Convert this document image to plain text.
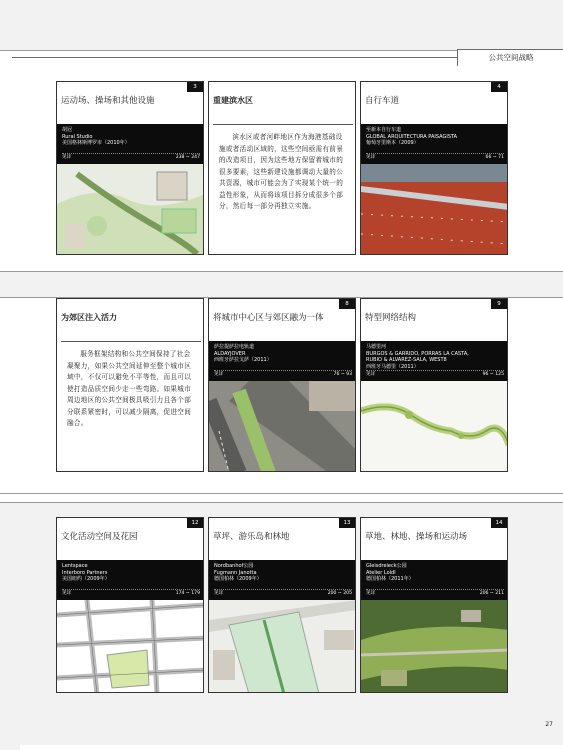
公共空间战略
3
运动场、操场和其他设施
胡冠
Rural Studio
美国格林斯博罗市（2010年）
见详	238 ~ 247
重建滨水区
滨水区或者河畔地区作为海港基础设施或者活动区域的，这些空间亟需有前景的改造项目，因为这些地方保留着城市的很多要素，这些新建设施都调动大量的公共资源，城市可能会为了实现某个统一的益性形象，从而将该项目拆分成很多个部分，然后每一部分再独立实施。
4
自行车道
至新本自行车道
GLOBAL ARQUITECTURA PAISAGISTA
葡萄牙里斯本（2009）
见详	66 ~ 71
为郊区注入活力
服务框架结构和公共空间保持了社会凝聚力，如果公共空间延伸至整个城市区域中，不仅可以避免不平等性，而且可以使打造品质空间少走一些弯路。如果城市周边地区的公共空间极具吸引力且各个部分联系紧密时，可以减少隔离，促进空间融合。
8
将城市中心区与郊区融为一体
萨拉提萨拉电轨道
ALDAYJOVER
西班牙萨拉戈萨（2011）
见详	76 ~ 93
9
特型网络结构
马德里河
BURGOS & GARRIDO, PORRAS LA CASTA,
RUBIO & ALVAREZ-SALA, WEST8
西班牙马德里（2011）
见详	96 ~ 125
12
文化活动空间及花园
Lentspace
Interboro Partners
美国纽约（2009年）
见详	174 ~ 179
13
草坪、游乐岛和林地
Nordbanhof公园
Fugmann Janotta
德国柏林（2009年）
见详	200 ~ 205
14
草地、林地、操场和运动场
Gleisdreieck公园
Atelier Loidl
德国柏林（2011年）
见详	206 ~ 211
27
